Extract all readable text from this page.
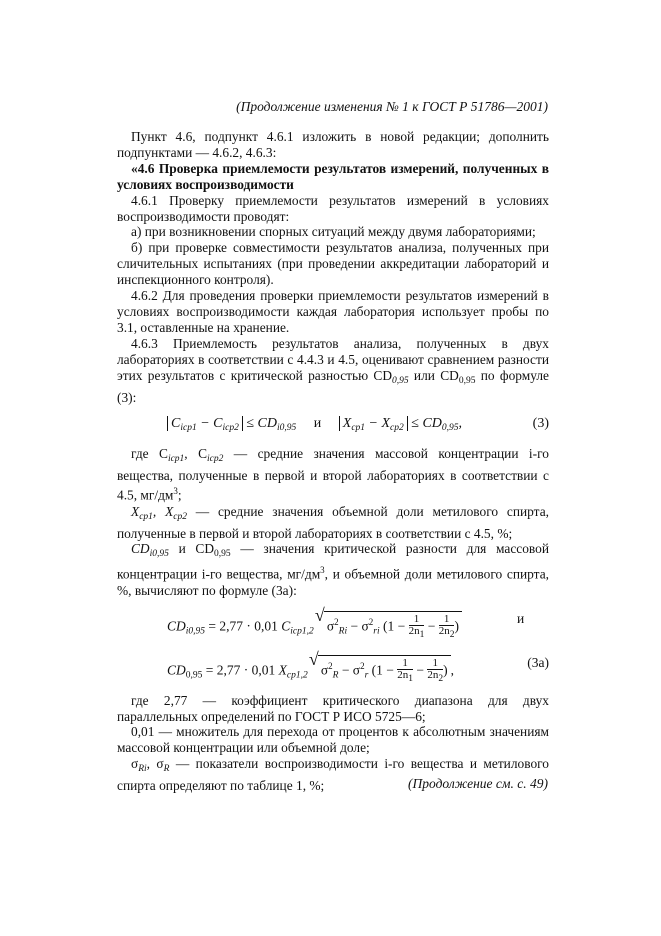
(Продолжение изменения № 1 к ГОСТ Р 51786—2001)

Пункт 4.6, подпункт 4.6.1 изложить в новой редакции; дополнить подпунктами — 4.6.2, 4.6.3:

«4.6 Проверка приемлемости результатов измерений, полученных в условиях воспроизводимости

4.6.1 Проверку приемлемости результатов измерений в условиях воспроизводимости проводят:

а) при возникновении спорных ситуаций между двумя лабораториями;

б) при проверке совместимости результатов анализа, полученных при сличительных испытаниях (при проведении аккредитации лабораторий и инспекционного контроля).

4.6.2 Для проведения проверки приемлемости результатов измерений в условиях воспроизводимости каждая лаборатория использует пробы по 3.1, оставленные на хранение.

4.6.3 Приемлемость результатов анализа, полученных в двух лабораториях в соответствии с 4.4.3 и 4.5, оценивают сравнением разности этих результатов с критической разностью $CD_{0,95}$ или $CD_{0,95}$ по формуле (3):

$C_{icp1} - C_{icp2} \le CD_{i0,95}$ и $X_{cp1} - X_{cp2} \le CD_{0,95}$,	(3)

где $C_{icp1}$, $C_{icp2}$ — средние значения массовой концентрации i-го вещества, полученные в первой и второй лабораториях в соответствии с 4.5, $мг/дм^3$;

$X_{cp1}$, $X_{cp2}$ — средние значения объемной доли метилового спирта, полученные в первой и второй лабораториях в соответствии с 4.5, %;

$CD_{i0,95}$ и $CD_{0,95}$ — значения критической разности для массовой концентрации i-го вещества, $мг/дм^3$, и объемной доли метилового спирта, %, вычисляют по формуле (3а):

$CD_{i0,95} = 2,77 \cdot 0,01$ $C_{icp1,2}$ √ $\sigma^2_{Ri} - \sigma^2_{ri}$ ($1 - \frac{1}{2n_1} - \frac{1}{2n_2}$ )
и
$CD_{0,95} = 2,77 \cdot 0,01$ $X_{cp1,2}$ √ $\sigma^2_R - \sigma^2_r$ ($1 - \frac{1}{2n_1} - \frac{1}{2n_2}$ ) ,
(3а)

где 2,77 — коэффициент критического диапазона для двух параллельных определений по ГОСТ Р ИСО 5725—6;

0,01 — множитель для перехода от процентов к абсолютным значениям массовой концентрации или объемной доле;

$\sigma_{Ri}$, $\sigma_R$ — показатели воспроизводимости i-го вещества и метилового спирта определяют по таблице 1, %;	(Продолжение см. с. 49)
